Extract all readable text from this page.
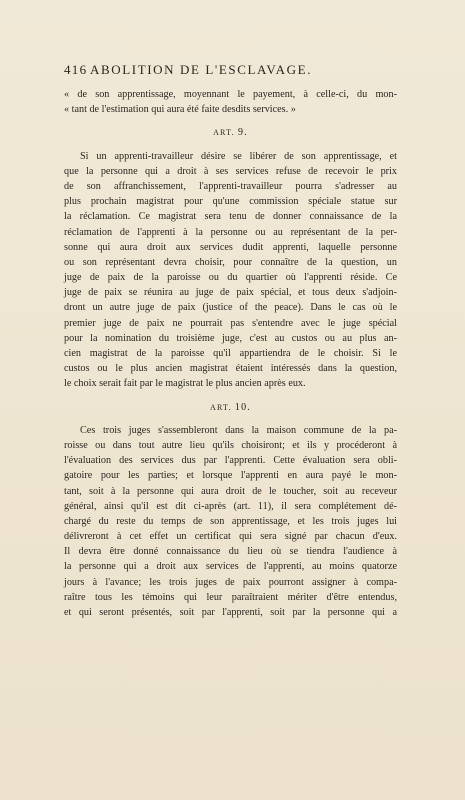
416 ABOLITION DE L'ESCLAVAGE.
« de son apprentissage, moyennant le payement, à celle-ci, du mon-
« tant de l'estimation qui aura été faite desdits services. »
ART. 9.
Si un apprenti-travailleur désire se libérer de son apprentissage, et
que la personne qui a droit à ses services refuse de recevoir le prix
de son affranchissement, l'apprenti-travailleur pourra s'adresser au
plus prochain magistrat pour qu'une commission spéciale statue sur
la réclamation. Ce magistrat sera tenu de donner connaissance de la
réclamation de l'apprenti à la personne ou au représentant de la per-
sonne qui aura droit aux services dudit apprenti, laquelle personne
ou son représentant devra choisir, pour connaître de la question, un
juge de paix de la paroisse ou du quartier où l'apprenti réside. Ce
juge de paix se réunira au juge de paix spécial, et tous deux s'adjoin-
dront un autre juge de paix (justice of the peace). Dans le cas où le
premier juge de paix ne pourrait pas s'entendre avec le juge spécial
pour la nomination du troisième juge, c'est au custos ou au plus an-
cien magistrat de la paroisse qu'il appartiendra de le choisir. Si le
custos ou le plus ancien magistrat étaient intéressés dans la question,
le choix serait fait par le magistrat le plus ancien après eux.
ART. 10.
Ces trois juges s'assembleront dans la maison commune de la pa-
roisse ou dans tout autre lieu qu'ils choisiront; et ils y procéderont à
l'évaluation des services dus par l'apprenti. Cette évaluation sera obli-
gatoire pour les parties; et lorsque l'apprenti en aura payé le mon-
tant, soit à la personne qui aura droit de le toucher, soit au receveur
général, ainsi qu'il est dit ci-après (art. 11), il sera complétement dé-
chargé du reste du temps de son apprentissage, et les trois juges lui
délivreront à cet effet un certificat qui sera signé par chacun d'eux.
Il devra être donné connaissance du lieu où se tiendra l'audience à
la personne qui a droit aux services de l'apprenti, au moins quatorze
jours à l'avance; les trois juges de paix pourront assigner à compa-
raître tous les témoins qui leur paraîtraient mériter d'être entendus,
et qui seront présentés, soit par l'apprenti, soit par la personne qui a
